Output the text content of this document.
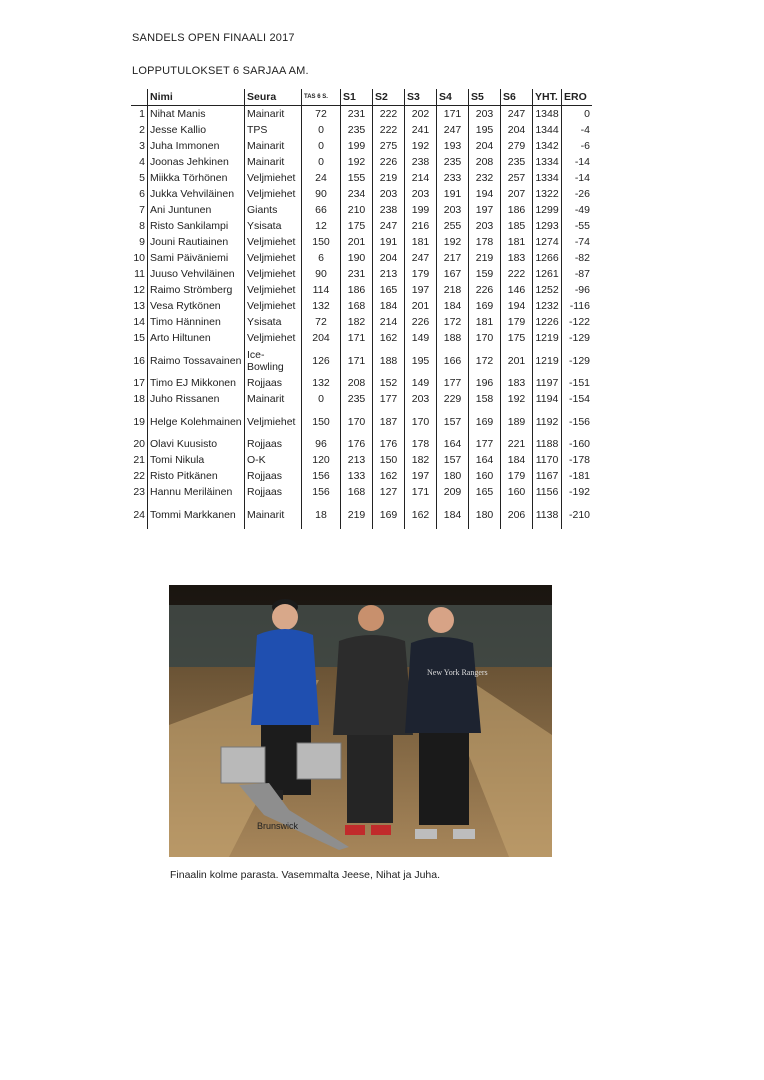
SANDELS OPEN FINAALI 2017
LOPPUTULOKSET 6 SARJAA AM.
	Nimi	Seura	TAS 6 S.	S1	S2	S3	S4	S5	S6	YHT.	ERO
1	Nihat Manis	Mainarit	72	231	222	202	171	203	247	1348	0
2	Jesse Kallio	TPS	0	235	222	241	247	195	204	1344	-4
3	Juha Immonen	Mainarit	0	199	275	192	193	204	279	1342	-6
4	Joonas Jehkinen	Mainarit	0	192	226	238	235	208	235	1334	-14
5	Miikka Törhönen	Veljmiehet	24	155	219	214	233	232	257	1334	-14
6	Jukka Vehviläinen	Veljmiehet	90	234	203	203	191	194	207	1322	-26
7	Ani Juntunen	Giants	66	210	238	199	203	197	186	1299	-49
8	Risto Sankilampi	Ysisata	12	175	247	216	255	203	185	1293	-55
9	Jouni Rautiainen	Veljmiehet	150	201	191	181	192	178	181	1274	-74
10	Sami Päiväniemi	Veljmiehet	6	190	204	247	217	219	183	1266	-82
11	Juuso Vehviläinen	Veljmiehet	90	231	213	179	167	159	222	1261	-87
12	Raimo Strömberg	Veljmiehet	114	186	165	197	218	226	146	1252	-96
13	Vesa Rytkönen	Veljmiehet	132	168	184	201	184	169	194	1232	-116
14	Timo Hänninen	Ysisata	72	182	214	226	172	181	179	1226	-122
15	Arto Hiltunen	Veljmiehet	204	171	162	149	188	170	175	1219	-129
16	Raimo Tossavainen	Ice-Bowling	126	171	188	195	166	172	201	1219	-129
17	Timo EJ Mikkonen	Rojjaas	132	208	152	149	177	196	183	1197	-151
18	Juho Rissanen	Mainarit	0	235	177	203	229	158	192	1194	-154
19	Helge Kolehmainen	Veljmiehet	150	170	187	170	157	169	189	1192	-156
20	Olavi Kuusisto	Rojjaas	96	176	176	178	164	177	221	1188	-160
21	Tomi Nikula	O-K	120	213	150	182	157	164	184	1170	-178
22	Risto Pitkänen	Rojjaas	156	133	162	197	180	160	179	1167	-181
23	Hannu Meriläinen	Rojjaas	156	168	127	171	209	165	160	1156	-192
24	Tommi Markkanen	Mainarit	18	219	169	162	184	180	206	1138	-210
Brunswick
New York Rangers
Finaalin kolme parasta. Vasemmalta Jeese, Nihat ja Juha.
